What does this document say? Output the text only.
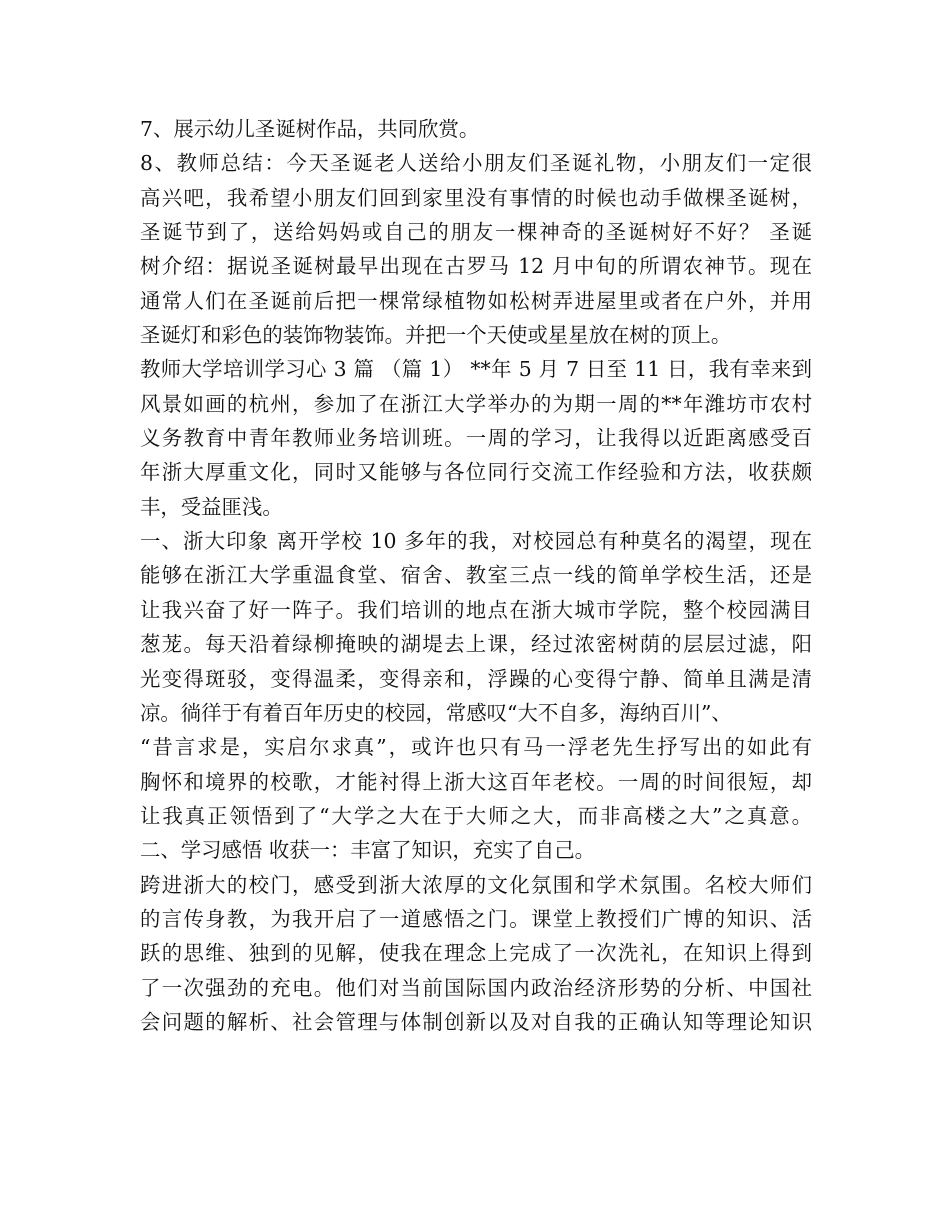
7、展示幼儿圣诞树作品，共同欣赏。
8、教师总结：今天圣诞老人送给小朋友们圣诞礼物，小朋友们一定很
高兴吧，我希望小朋友们回到家里没有事情的时候也动手做棵圣诞树，
圣诞节到了，送给妈妈或自己的朋友一棵神奇的圣诞树好不好？ 圣诞
树介绍：据说圣诞树最早出现在古罗马 12 月中旬的所谓农神节。现在
通常人们在圣诞前后把一棵常绿植物如松树弄进屋里或者在户外，并用
圣诞灯和彩色的装饰物装饰。并把一个天使或星星放在树的顶上。
教师大学培训学习心 3 篇 （篇 1） **年 5 月 7 日至 11 日，我有幸来到
风景如画的杭州，参加了在浙江大学举办的为期一周的**年潍坊市农村
义务教育中青年教师业务培训班。一周的学习，让我得以近距离感受百
年浙大厚重文化，同时又能够与各位同行交流工作经验和方法，收获颇
丰，受益匪浅。
一、浙大印象 离开学校 10 多年的我，对校园总有种莫名的渴望，现在
能够在浙江大学重温食堂、宿舍、教室三点一线的简单学校生活，还是
让我兴奋了好一阵子。我们培训的地点在浙大城市学院，整个校园满目
葱茏。每天沿着绿柳掩映的湖堤去上课，经过浓密树荫的层层过滤，阳
光变得斑驳，变得温柔，变得亲和，浮躁的心变得宁静、简单且满是清
凉。徜徉于有着百年历史的校园，常感叹“大不自多，海纳百川”、
“昔言求是，实启尔求真”，或许也只有马一浮老先生抒写出的如此有
胸怀和境界的校歌，才能衬得上浙大这百年老校。一周的时间很短，却
让我真正领悟到了“大学之大在于大师之大，而非高楼之大”之真意。
二、学习感悟 收获一：丰富了知识，充实了自己。
跨进浙大的校门，感受到浙大浓厚的文化氛围和学术氛围。名校大师们
的言传身教，为我开启了一道感悟之门。课堂上教授们广博的知识、活
跃的思维、独到的见解，使我在理念上完成了一次洗礼，在知识上得到
了一次强劲的充电。他们对当前国际国内政治经济形势的分析、中国社
会问题的解析、社会管理与体制创新以及对自我的正确认知等理论知识
